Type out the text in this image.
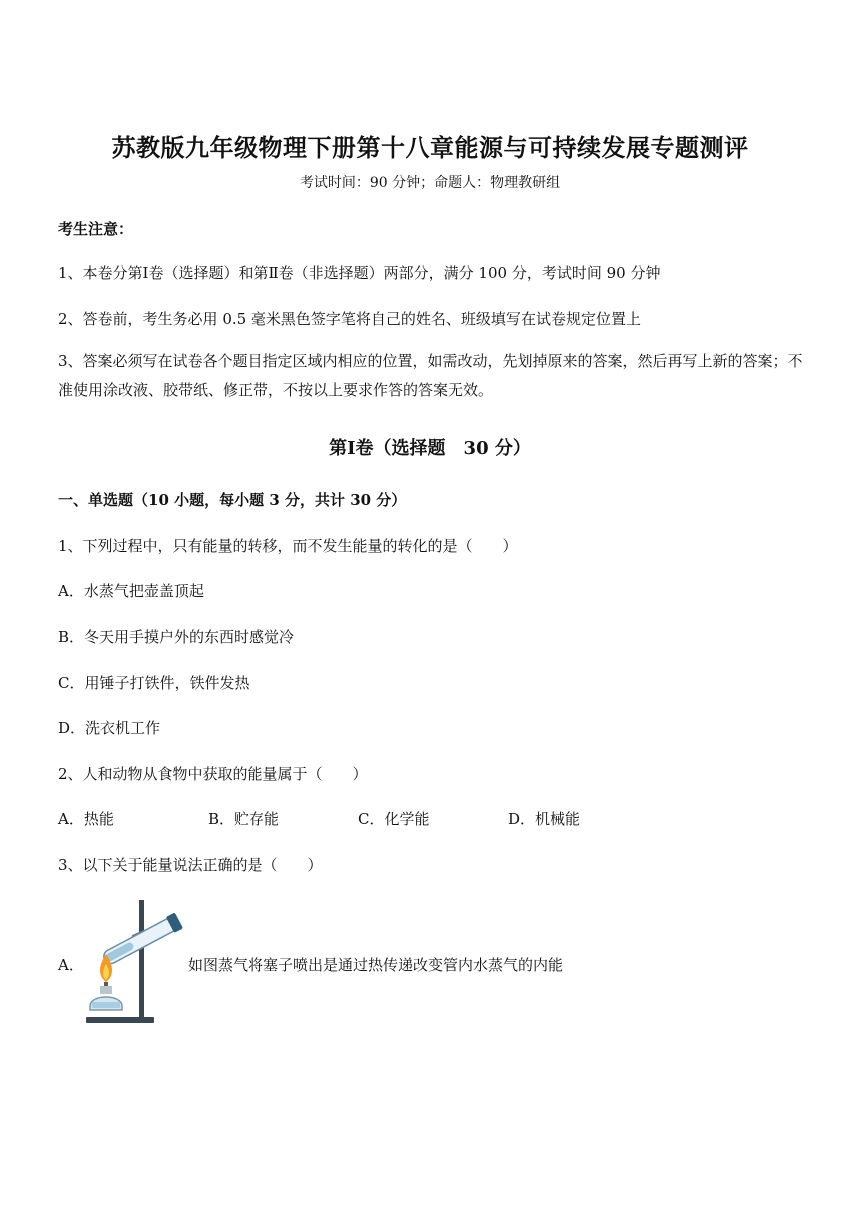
苏教版九年级物理下册第十八章能源与可持续发展专题测评
考试时间：90 分钟；命题人：物理教研组
考生注意：
1、本卷分第Ⅰ卷（选择题）和第Ⅱ卷（非选择题）两部分，满分 100 分，考试时间 90 分钟
2、答卷前，考生务必用 0.5 毫米黑色签字笔将自己的姓名、班级填写在试卷规定位置上
3、答案必须写在试卷各个题目指定区域内相应的位置，如需改动，先划掉原来的答案，然后再写上新的答案；不准使用涂改液、胶带纸、修正带，不按以上要求作答的答案无效。
第Ⅰ卷（选择题　30 分）
一、单选题（10 小题，每小题 3 分，共计 30 分）
1、下列过程中，只有能量的转移，而不发生能量的转化的是（　　）
A．水蒸气把壶盖顶起
B．冬天用手摸户外的东西时感觉冷
C．用锤子打铁件，铁件发热
D．洗衣机工作
2、人和动物从食物中获取的能量属于（　　）
A．热能	B．贮存能	C．化学能	D．机械能
3、以下关于能量说法正确的是（　　）
A．	如图蒸气将塞子喷出是通过热传递改变管内水蒸气的内能
